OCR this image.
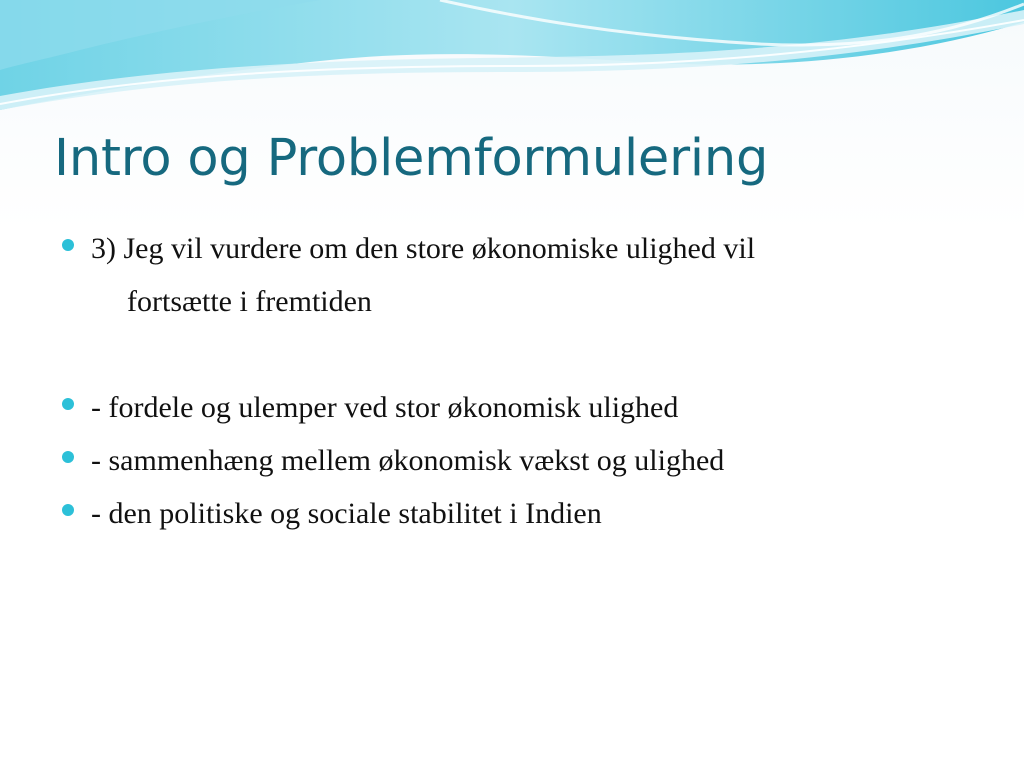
Intro og Problemformulering
3) Jeg vil vurdere om den store økonomiske ulighed vil
fortsætte i fremtiden
- fordele og ulemper ved stor økonomisk ulighed
- sammenhæng mellem økonomisk vækst og ulighed
- den politiske og sociale stabilitet i Indien
